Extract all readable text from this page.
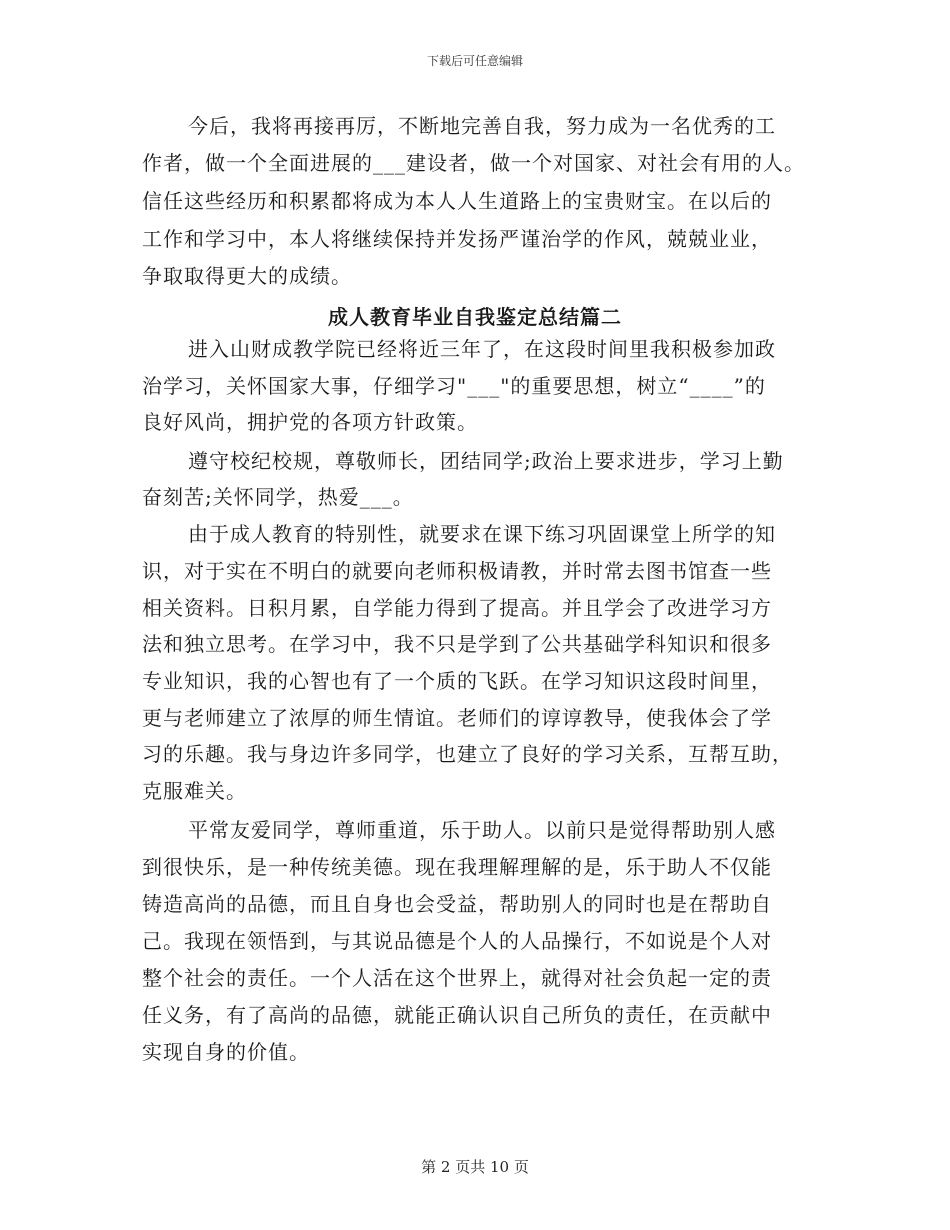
下载后可任意编辑
今后，我将再接再厉，不断地完善自我，努力成为一名优秀的工
作者，做一个全面进展的___建设者，做一个对国家、对社会有用的人。
信任这些经历和积累都将成为本人人生道路上的宝贵财宝。在以后的
工作和学习中，本人将继续保持并发扬严谨治学的作风，兢兢业业，
争取取得更大的成绩。
成人教育毕业自我鉴定总结篇二
进入山财成教学院已经将近三年了，在这段时间里我积极参加政
治学习，关怀国家大事，仔细学习"___"的重要思想，树立“____”的
良好风尚，拥护党的各项方针政策。
遵守校纪校规，尊敬师长，团结同学;政治上要求进步，学习上勤
奋刻苦;关怀同学，热爱___。
由于成人教育的特别性，就要求在课下练习巩固课堂上所学的知
识，对于实在不明白的就要向老师积极请教，并时常去图书馆查一些
相关资料。日积月累，自学能力得到了提高。并且学会了改进学习方
法和独立思考。在学习中，我不只是学到了公共基础学科知识和很多
专业知识，我的心智也有了一个质的飞跃。在学习知识这段时间里，
更与老师建立了浓厚的师生情谊。老师们的谆谆教导，使我体会了学
习的乐趣。我与身边许多同学，也建立了良好的学习关系，互帮互助，
克服难关。
平常友爱同学，尊师重道，乐于助人。以前只是觉得帮助别人感
到很快乐，是一种传统美德。现在我理解理解的是，乐于助人不仅能
铸造高尚的品德，而且自身也会受益，帮助别人的同时也是在帮助自
己。我现在领悟到，与其说品德是个人的人品操行，不如说是个人对
整个社会的责任。一个人活在这个世界上，就得对社会负起一定的责
任义务，有了高尚的品德，就能正确认识自己所负的责任，在贡献中
实现自身的价值。
第 2 页共 10 页
